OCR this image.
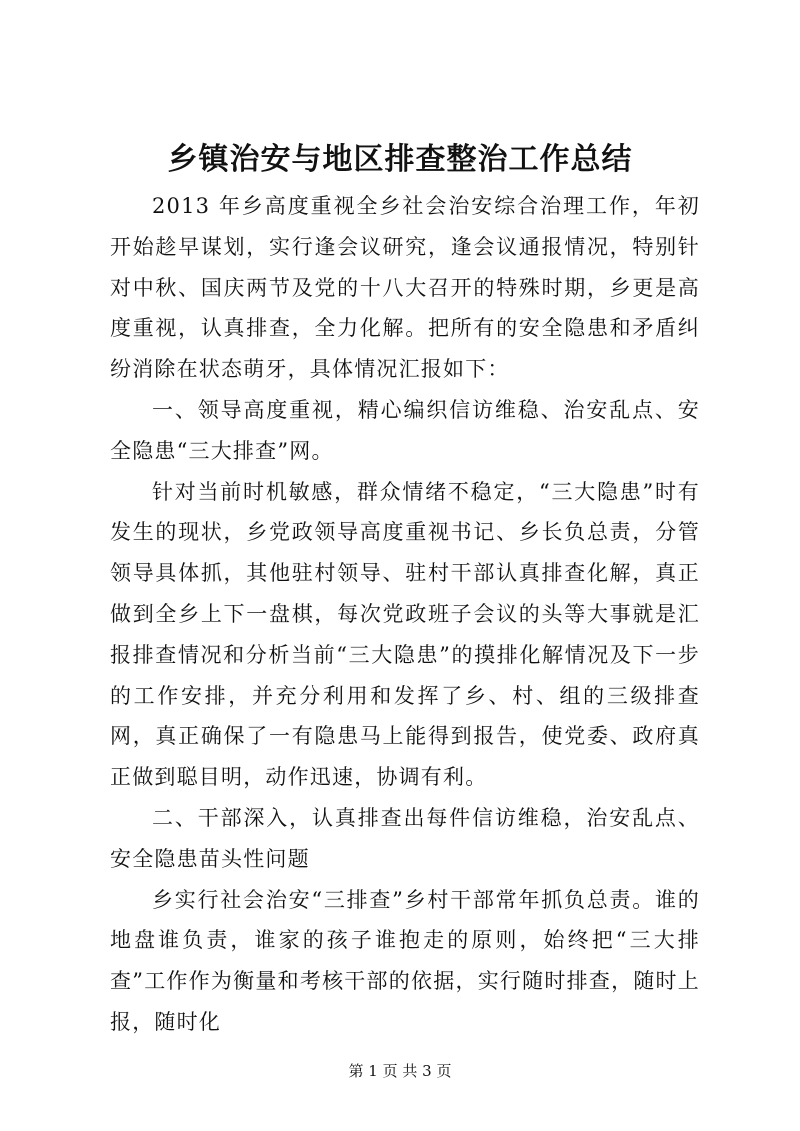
乡镇治安与地区排查整治工作总结

2013 年乡高度重视全乡社会治安综合治理工作，年初开始趁早谋划，实行逢会议研究，逢会议通报情况，特别针对中秋、国庆两节及党的十八大召开的特殊时期，乡更是高度重视，认真排查，全力化解。把所有的安全隐患和矛盾纠纷消除在状态萌牙，具体情况汇报如下：

一、领导高度重视，精心编织信访维稳、治安乱点、安全隐患“三大排查”网。

针对当前时机敏感，群众情绪不稳定，“三大隐患”时有发生的现状，乡党政领导高度重视书记、乡长负总责，分管领导具体抓，其他驻村领导、驻村干部认真排查化解，真正做到全乡上下一盘棋，每次党政班子会议的头等大事就是汇报排查情况和分析当前“三大隐患”的摸排化解情况及下一步的工作安排，并充分利用和发挥了乡、村、组的三级排查网，真正确保了一有隐患马上能得到报告，使党委、政府真正做到聪目明，动作迅速，协调有利。

二、干部深入，认真排查出每件信访维稳，治安乱点、安全隐患苗头性问题

乡实行社会治安“三排查”乡村干部常年抓负总责。谁的地盘谁负责，谁家的孩子谁抱走的原则，始终把“三大排查”工作作为衡量和考核干部的依据，实行随时排查，随时上报，随时化

第 1 页 共 3 页
